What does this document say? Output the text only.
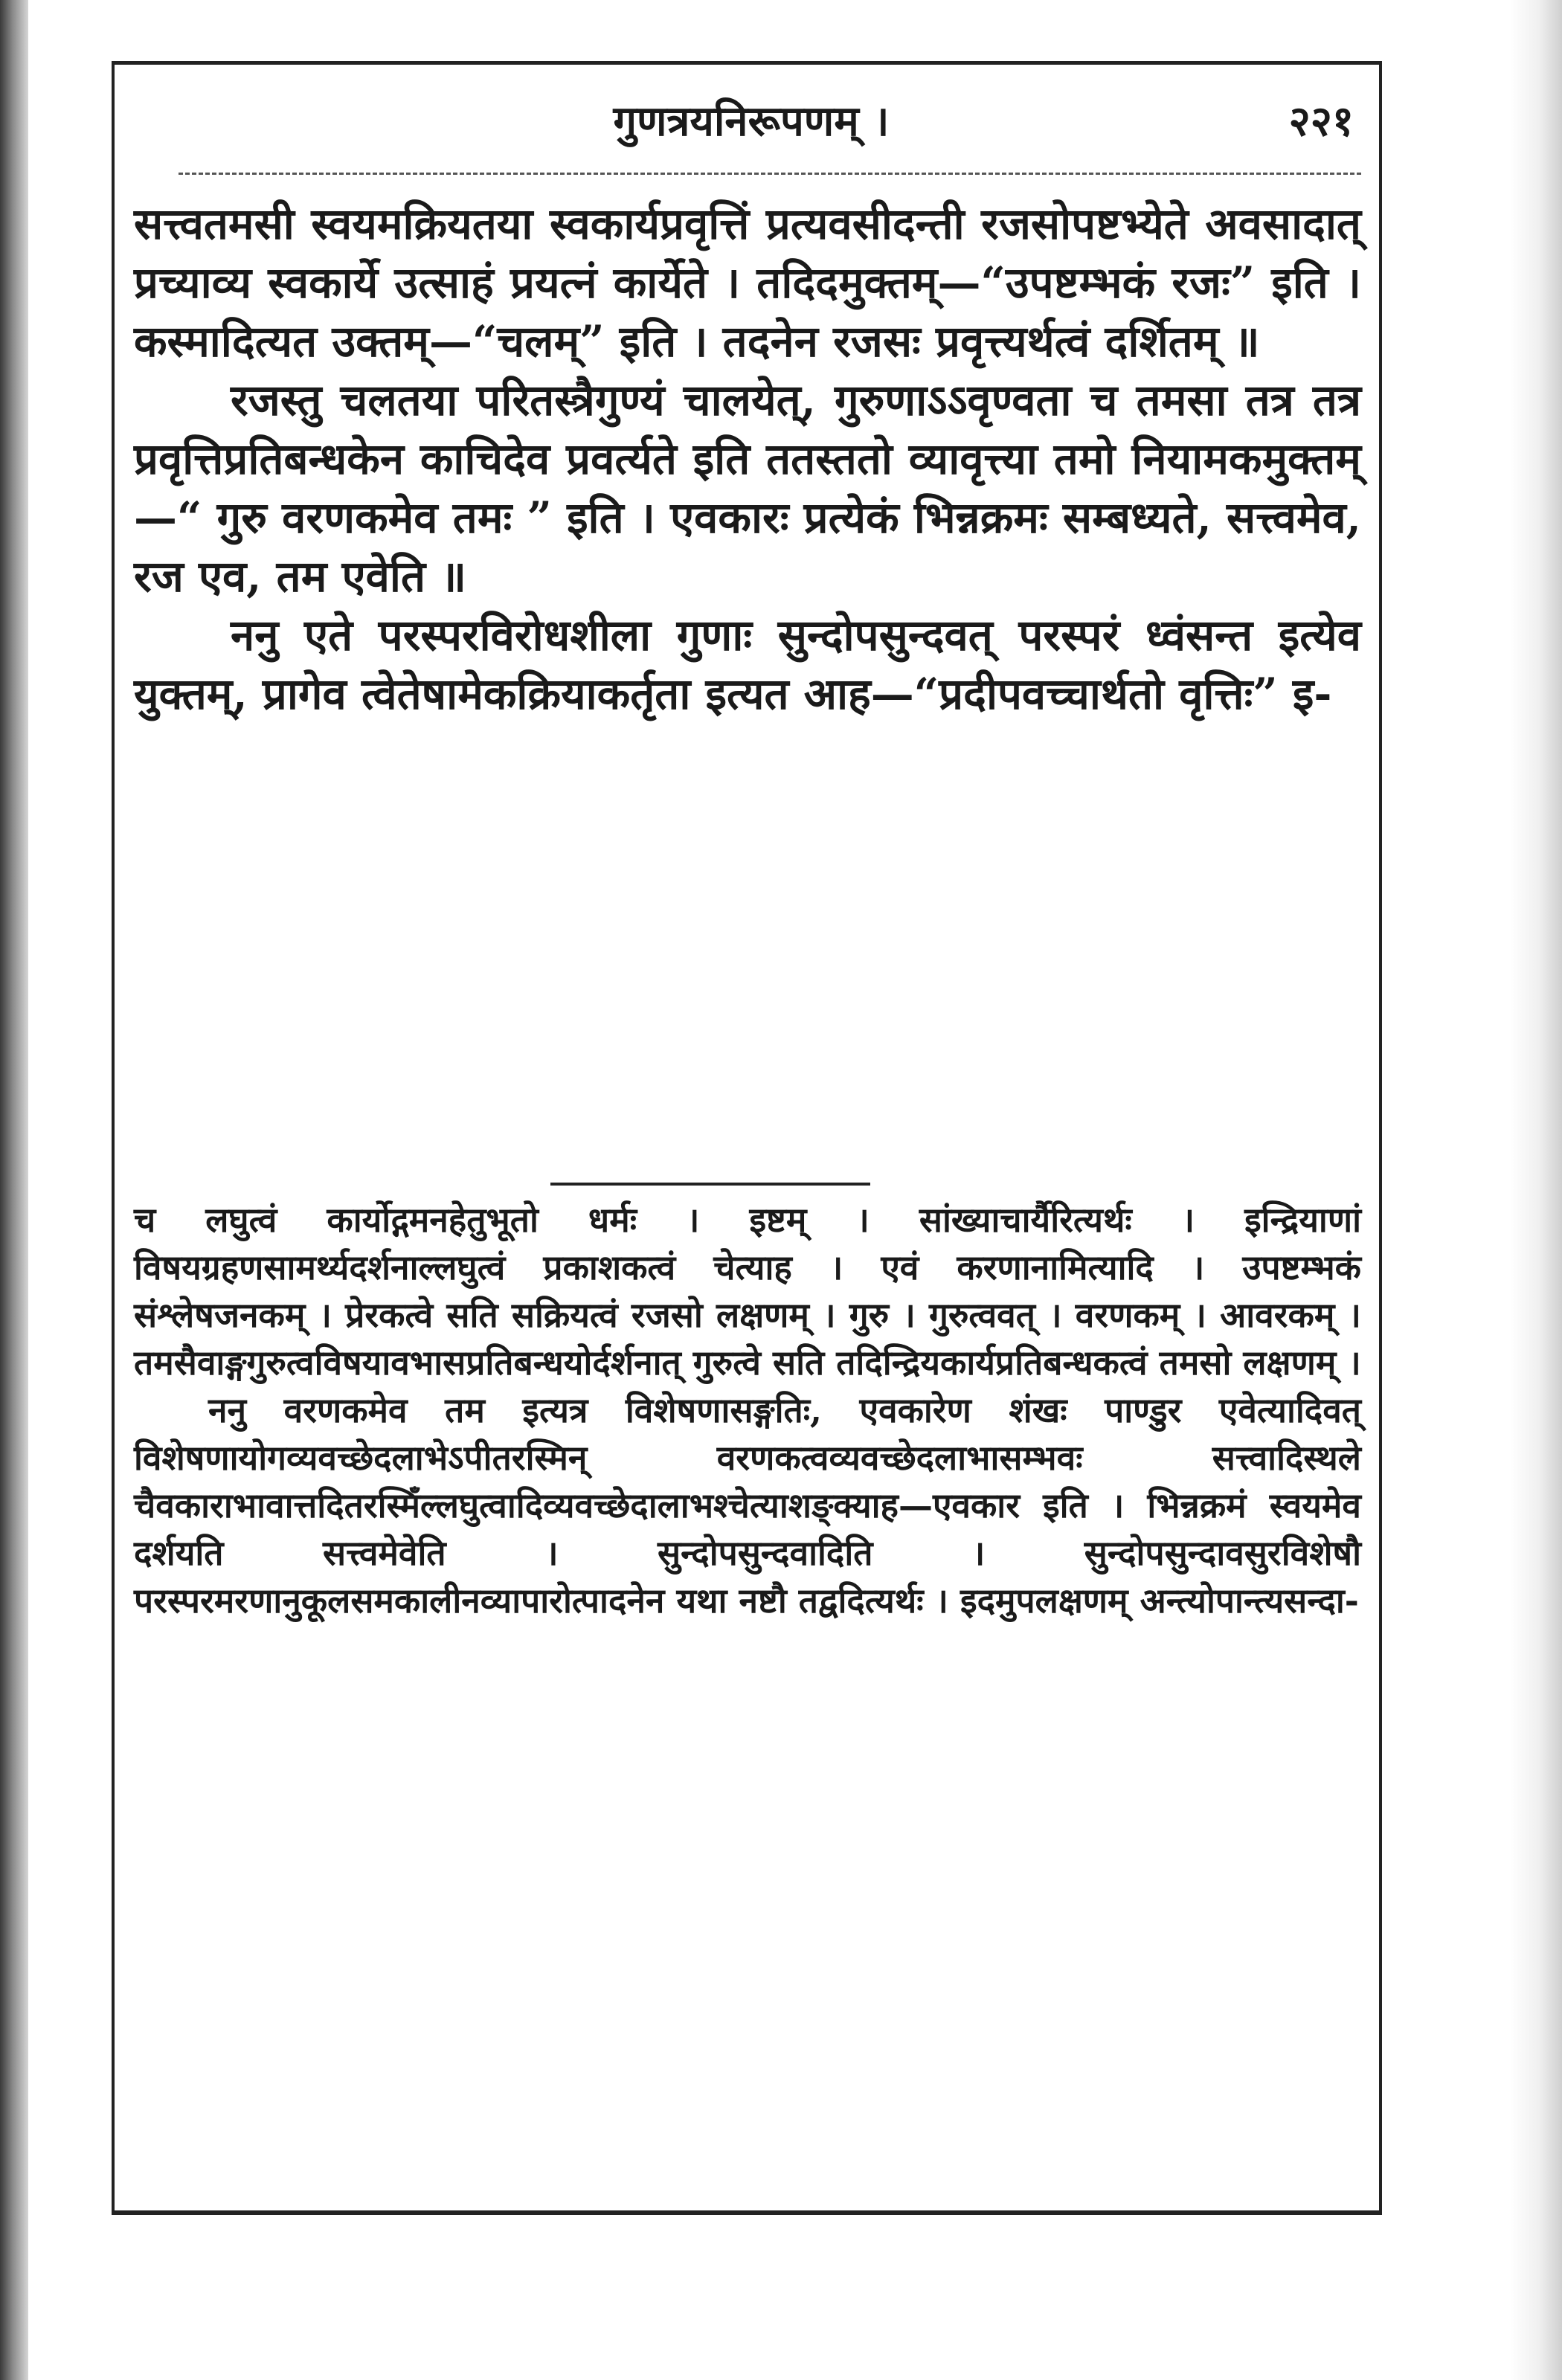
गुणत्रयनिरूपणम् ।	२२१

सत्त्वतमसी स्वयमक्रियतया स्वकार्यप्रवृत्तिं प्रत्यवसीदन्ती रजसोपष्टभ्येते अवसादात् प्रच्याव्य स्वकार्ये उत्साहं प्रयत्नं कार्येते । तदिदमुक्तम्—“उपष्टम्भकं रजः” इति । कस्मादित्यत उक्तम्—“चलम्” इति । तदनेन रजसः प्रवृत्त्यर्थत्वं दर्शितम् ॥

रजस्तु चलतया परितस्त्रैगुण्यं चालयेत्, गुरुणाऽऽवृण्वता च तमसा तत्र तत्र प्रवृत्तिप्रतिबन्धकेन काचिदेव प्रवर्त्यते इति ततस्ततो व्यावृत्त्या तमो नियामकमुक्तम्—“ गुरु वरणकमेव तमः ” इति । एवकारः प्रत्येकं भिन्नक्रमः सम्बध्यते, सत्त्वमेव, रज एव, तम एवेति ॥

ननु एते परस्परविरोधशीला गुणाः सुन्दोपसुन्दवत् परस्परं ध्वंसन्त इत्येव युक्तम्, प्रागेव त्वेतेषामेकक्रियाकर्तृता इत्यत आह—“प्रदीपवच्चार्थतो वृत्तिः” इ-

च लघुत्वं कार्योद्गमनहेतुभूतो धर्मः । इष्टम् । सांख्याचार्यैरित्यर्थः । इन्द्रियाणां विषयग्रहणसामर्थ्यदर्शनाल्लघुत्वं प्रकाशकत्वं चेत्याह । एवं करणानामित्यादि । उपष्टम्भकं संश्लेषजनकम् । प्रेरकत्वे सति सक्रियत्वं रजसो लक्षणम् । गुरु । गुरुत्ववत् । वरणकम् । आवरकम् । तमसैवाङ्गगुरुत्वविषयावभासप्रतिबन्धयोर्दर्शनात् गुरुत्वे सति तदिन्द्रियकार्यप्रतिबन्धकत्वं तमसो लक्षणम् ।

ननु वरणकमेव तम इत्यत्र विशेषणासङ्गतिः, एवकारेण शंखः पाण्डुर एवेत्यादिवत् विशेषणायोगव्यवच्छेदलाभेऽपीतरस्मिन् वरणकत्वव्यवच्छेदलाभासम्भवः सत्त्वादिस्थले चैवकाराभावात्तदितरस्मिँल्लघुत्वादिव्यवच्छेदालाभश्चेत्याशङ्क्याह—एवकार इति । भिन्नक्रमं स्वयमेव दर्शयति सत्त्वमेवेति । सुन्दोपसुन्दवादिति । सुन्दोपसुन्दावसुरविशेषौ परस्परमरणानुकूलसमकालीनव्यापारोत्पादनेन यथा नष्टौ तद्वदित्यर्थः । इदमुपलक्षणम् अन्त्योपान्त्यसन्दा-
